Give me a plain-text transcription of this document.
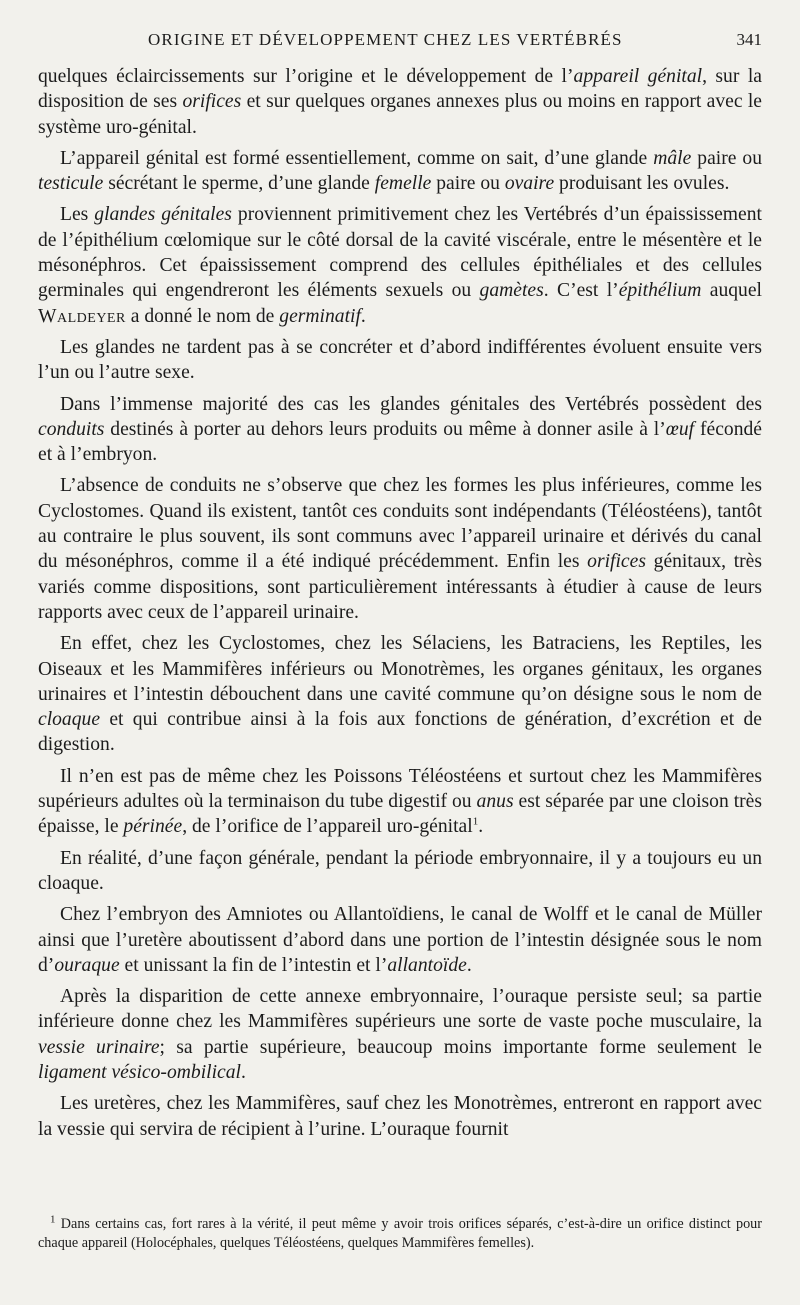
ORIGINE ET DÉVELOPPEMENT CHEZ LES VERTÉBRÉS	341

quelques éclaircissements sur l’origine et le développement de l’appareil génital, sur la disposition de ses orifices et sur quelques organes annexes plus ou moins en rapport avec le système uro-génital.

L’appareil génital est formé essentiellement, comme on sait, d’une glande mâle paire ou testicule sécrétant le sperme, d’une glande femelle paire ou ovaire produisant les ovules.

Les glandes génitales proviennent primitivement chez les Vertébrés d’un épaississement de l’épithélium cœlomique sur le côté dorsal de la cavité viscérale, entre le mésentère et le mésonéphros. Cet épaississement comprend des cellules épithéliales et des cellules germinales qui engendreront les éléments sexuels ou gamètes. C’est l’épithélium auquel Waldeyer a donné le nom de germinatif.

Les glandes ne tardent pas à se concréter et d’abord indifférentes évoluent ensuite vers l’un ou l’autre sexe.

Dans l’immense majorité des cas les glandes génitales des Vertébrés possèdent des conduits destinés à porter au dehors leurs produits ou même à donner asile à l’œuf fécondé et à l’embryon.

L’absence de conduits ne s’observe que chez les formes les plus inférieures, comme les Cyclostomes. Quand ils existent, tantôt ces conduits sont indépendants (Téléostéens), tantôt au contraire le plus souvent, ils sont communs avec l’appareil urinaire et dérivés du canal du mésonéphros, comme il a été indiqué précédemment. Enfin les orifices génitaux, très variés comme dispositions, sont particulièrement intéressants à étudier à cause de leurs rapports avec ceux de l’appareil urinaire.

En effet, chez les Cyclostomes, chez les Sélaciens, les Batraciens, les Reptiles, les Oiseaux et les Mammifères inférieurs ou Monotrèmes, les organes génitaux, les organes urinaires et l’intestin débouchent dans une cavité commune qu’on désigne sous le nom de cloaque et qui contribue ainsi à la fois aux fonctions de génération, d’excrétion et de digestion.

Il n’en est pas de même chez les Poissons Téléostéens et surtout chez les Mammifères supérieurs adultes où la terminaison du tube digestif ou anus est séparée par une cloison très épaisse, le périnée, de l’orifice de l’appareil uro-génital$^1$.

En réalité, d’une façon générale, pendant la période embryonnaire, il y a toujours eu un cloaque.

Chez l’embryon des Amniotes ou Allantoïdiens, le canal de Wolff et le canal de Müller ainsi que l’uretère aboutissent d’abord dans une portion de l’intestin désignée sous le nom d’ouraque et unissant la fin de l’intestin et l’allantoïde.

Après la disparition de cette annexe embryonnaire, l’ouraque persiste seul; sa partie inférieure donne chez les Mammifères supérieurs une sorte de vaste poche musculaire, la vessie urinaire; sa partie supérieure, beaucoup moins importante forme seulement le ligament vésico-ombilical.

Les uretères, chez les Mammifères, sauf chez les Monotrèmes, entreront en rapport avec la vessie qui servira de récipient à l’urine. L’ouraque fournit

$^1$ Dans certains cas, fort rares à la vérité, il peut même y avoir trois orifices séparés, c’est-à-dire un orifice distinct pour chaque appareil (Holocéphales, quelques Téléostéens, quelques Mammifères femelles).
